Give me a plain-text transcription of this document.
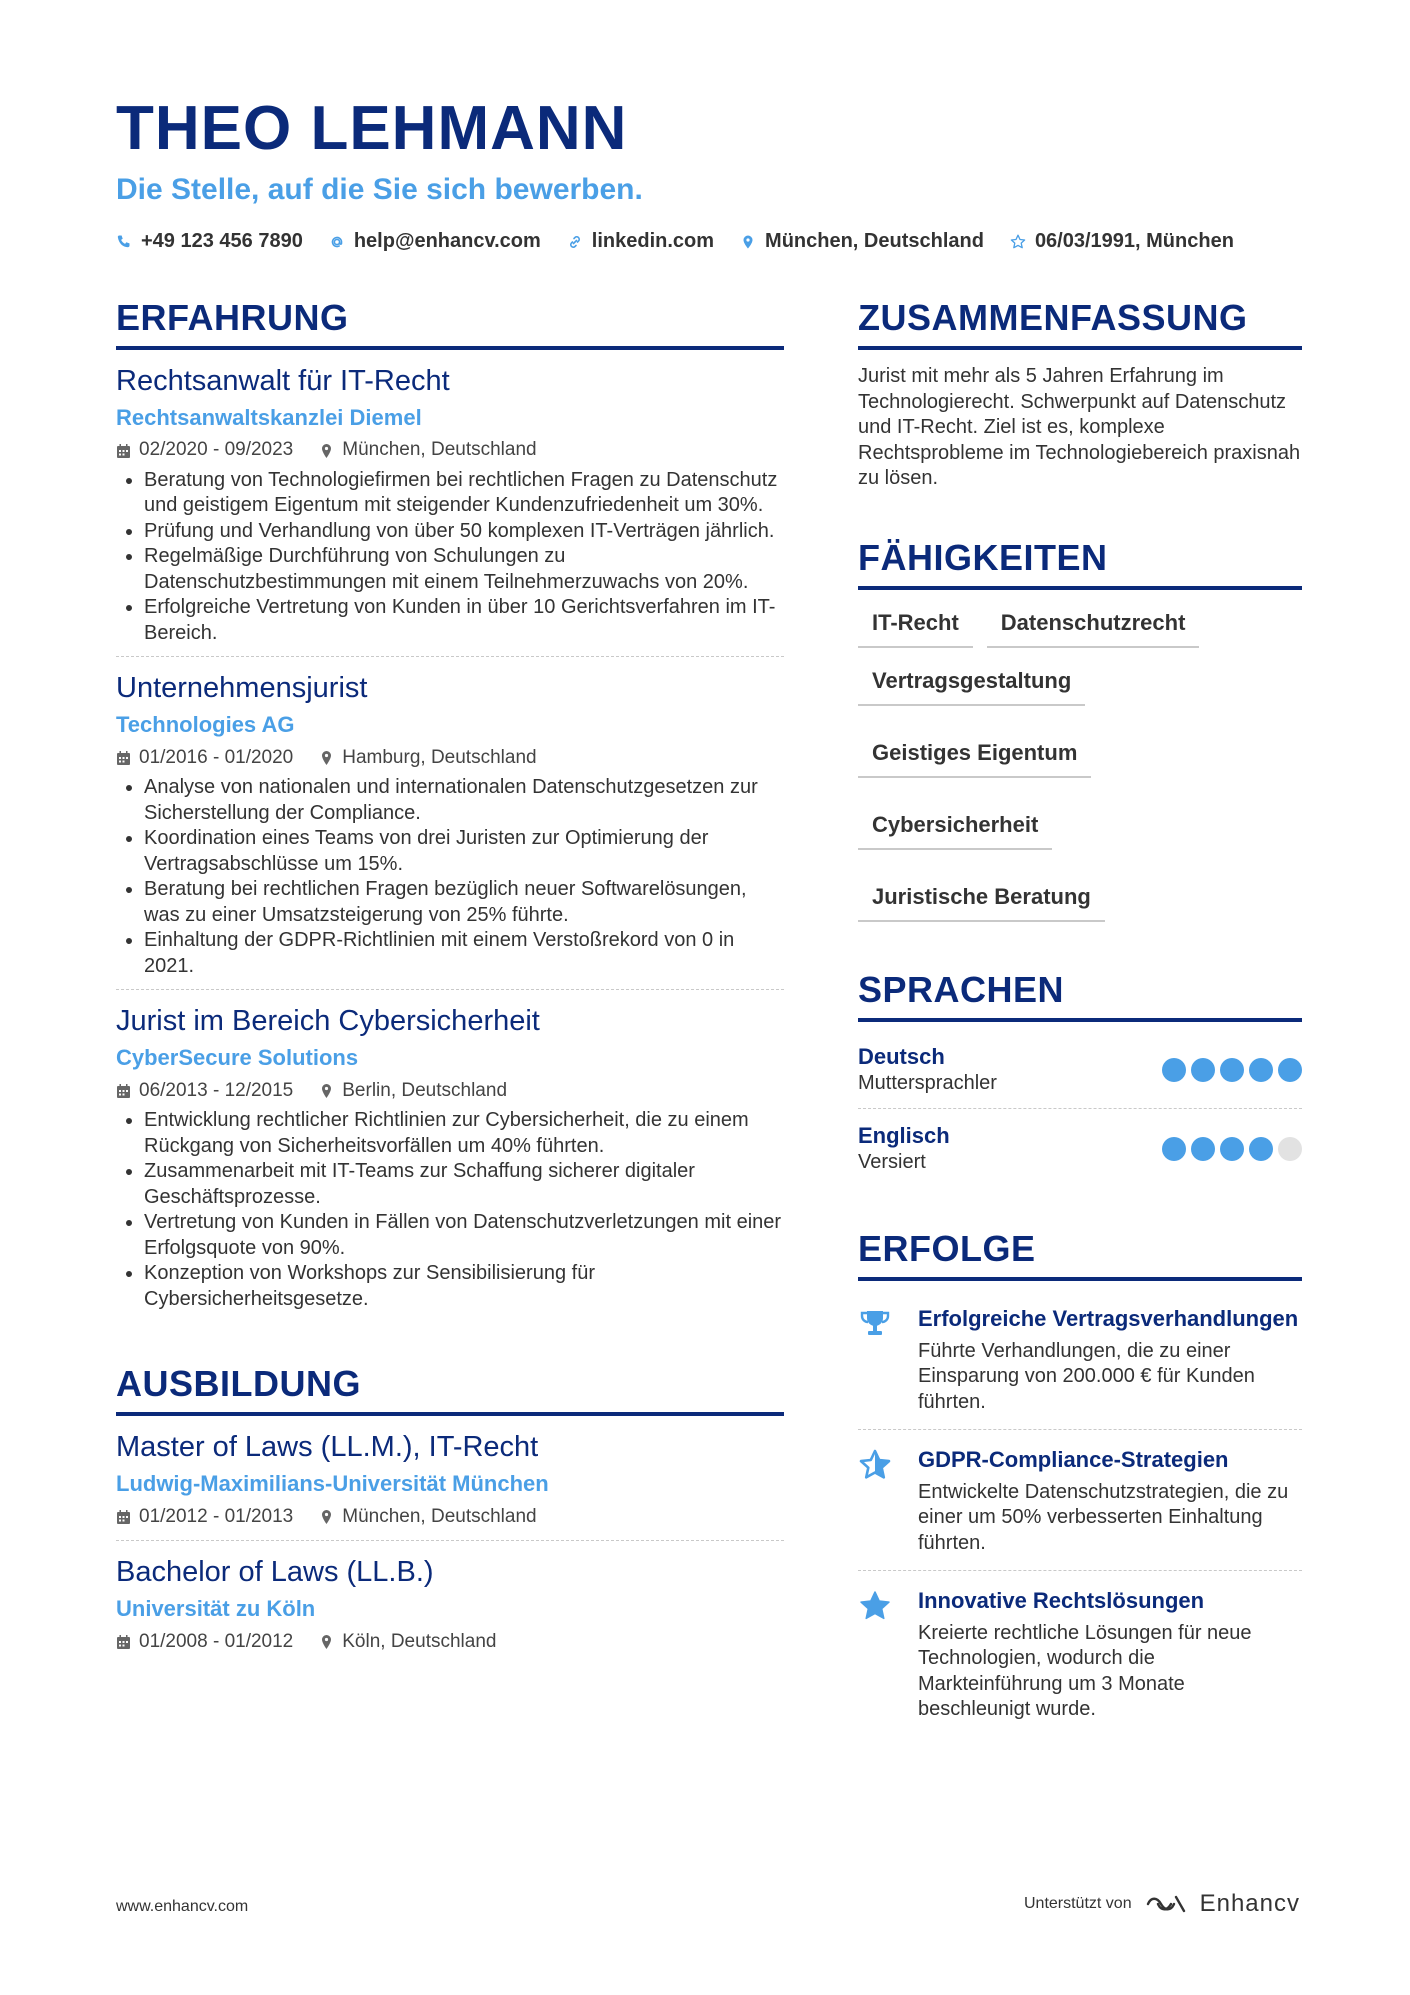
THEO LEHMANN
Die Stelle, auf die Sie sich bewerben.
+49 123 456 7890	help@enhancv.com	linkedin.com	München, Deutschland	06/03/1991, München
ERFAHRUNG
Rechtsanwalt für IT-Recht
Rechtsanwaltskanzlei Diemel
02/2020 - 09/2023	München, Deutschland
• Beratung von Technologiefirmen bei rechtlichen Fragen zu Datenschutz und geistigem Eigentum mit steigender Kundenzufriedenheit um 30%.
• Prüfung und Verhandlung von über 50 komplexen IT-Verträgen jährlich.
• Regelmäßige Durchführung von Schulungen zu Datenschutzbestimmungen mit einem Teilnehmerzuwachs von 20%.
• Erfolgreiche Vertretung von Kunden in über 10 Gerichtsverfahren im IT-Bereich.
Unternehmensjurist
Technologies AG
01/2016 - 01/2020	Hamburg, Deutschland
• Analyse von nationalen und internationalen Datenschutzgesetzen zur Sicherstellung der Compliance.
• Koordination eines Teams von drei Juristen zur Optimierung der Vertragsabschlüsse um 15%.
• Beratung bei rechtlichen Fragen bezüglich neuer Softwarelösungen, was zu einer Umsatzsteigerung von 25% führte.
• Einhaltung der GDPR-Richtlinien mit einem Verstoßrekord von 0 in 2021.
Jurist im Bereich Cybersicherheit
CyberSecure Solutions
06/2013 - 12/2015	Berlin, Deutschland
• Entwicklung rechtlicher Richtlinien zur Cybersicherheit, die zu einem Rückgang von Sicherheitsvorfällen um 40% führten.
• Zusammenarbeit mit IT-Teams zur Schaffung sicherer digitaler Geschäftsprozesse.
• Vertretung von Kunden in Fällen von Datenschutzverletzungen mit einer Erfolgsquote von 90%.
• Konzeption von Workshops zur Sensibilisierung für Cybersicherheitsgesetze.
AUSBILDUNG
Master of Laws (LL.M.), IT-Recht
Ludwig-Maximilians-Universität München
01/2012 - 01/2013	München, Deutschland
Bachelor of Laws (LL.B.)
Universität zu Köln
01/2008 - 01/2012	Köln, Deutschland
ZUSAMMENFASSUNG
Jurist mit mehr als 5 Jahren Erfahrung im Technologierecht. Schwerpunkt auf Datenschutz und IT-Recht. Ziel ist es, komplexe Rechtsprobleme im Technologiebereich praxisnah zu lösen.
FÄHIGKEITEN
IT-Recht	Datenschutzrecht
Vertragsgestaltung
Geistiges Eigentum
Cybersicherheit
Juristische Beratung
SPRACHEN
Deutsch
Muttersprachler
Englisch
Versiert
ERFOLGE
Erfolgreiche Vertragsverhandlungen
Führte Verhandlungen, die zu einer Einsparung von 200.000 € für Kunden führten.
GDPR-Compliance-Strategien
Entwickelte Datenschutzstrategien, die zu einer um 50% verbesserten Einhaltung führten.
Innovative Rechtslösungen
Kreierte rechtliche Lösungen für neue Technologien, wodurch die Markteinführung um 3 Monate beschleunigt wurde.
www.enhancv.com	Unterstützt von	Enhancv
